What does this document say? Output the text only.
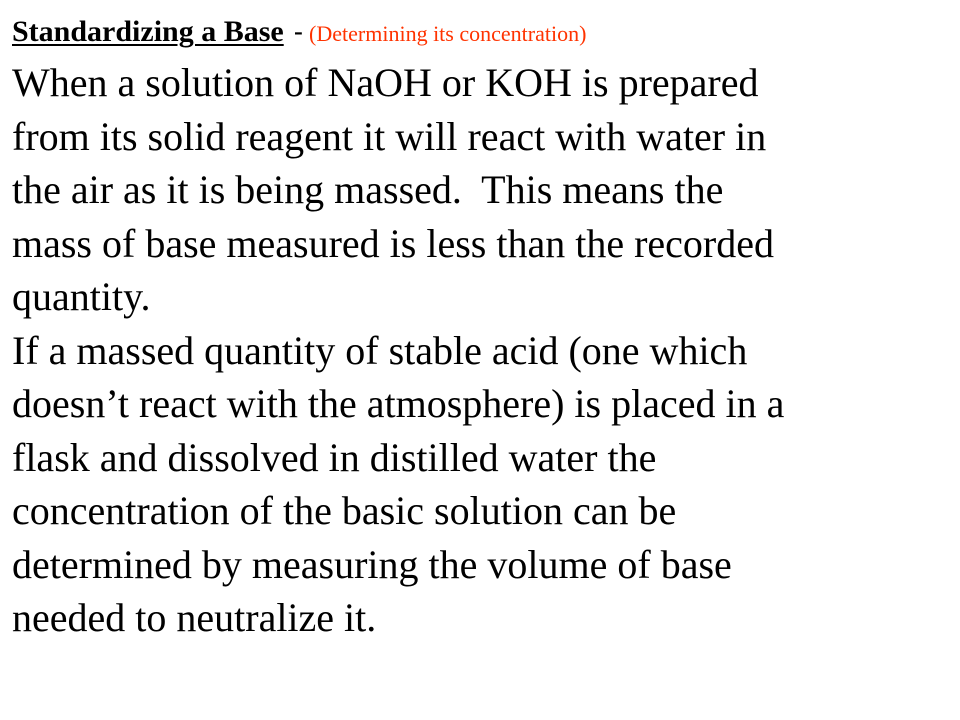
Standardizing a Base - (Determining its concentration)

When a solution of NaOH or KOH is prepared
from its solid reagent it will react with water in
the air as it is being massed.  This means the
mass of base measured is less than the recorded
quantity.

If a massed quantity of stable acid (one which
doesn’t react with the atmosphere) is placed in a
flask and dissolved in distilled water the
concentration of the basic solution can be
determined by measuring the volume of base
needed to neutralize it.
